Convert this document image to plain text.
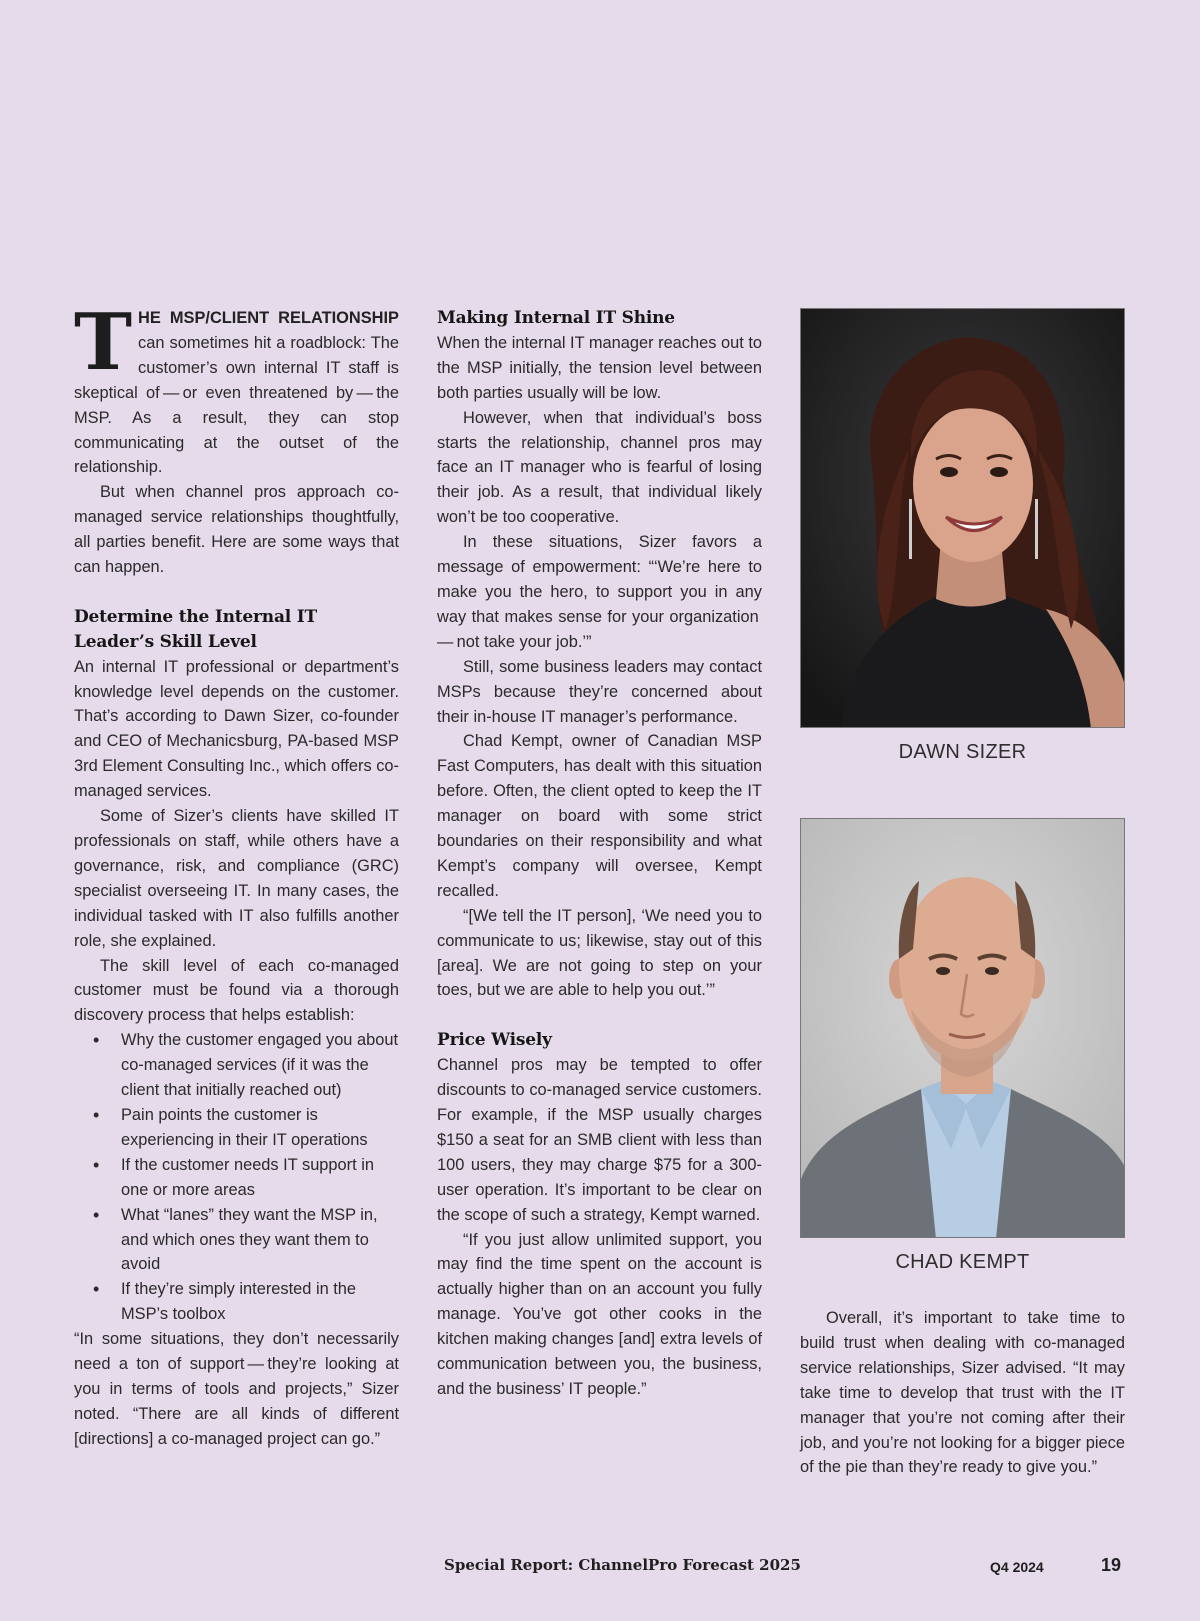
THE MSP/CLIENT RELATIONSHIP can sometimes hit a roadblock: The customer’s own internal IT staff is skeptical of — or even threatened by — the MSP. As a result, they can stop communicating at the outset of the relationship.

But when channel pros approach co-managed service relationships thoughtfully, all parties benefit. Here are some ways that can happen.

Determine the Internal IT Leader’s Skill Level

An internal IT professional or department’s knowledge level depends on the customer. That’s according to Dawn Sizer, co-founder and CEO of Mechanicsburg, PA-based MSP 3rd Element Consulting Inc., which offers co-managed services.

Some of Sizer’s clients have skilled IT professionals on staff, while others have a governance, risk, and compliance (GRC) specialist overseeing IT. In many cases, the individual tasked with IT also fulfills another role, she explained.

The skill level of each co-managed customer must be found via a thorough discovery process that helps establish:

• Why the customer engaged you about co-managed services (if it was the client that initially reached out)
• Pain points the customer is experiencing in their IT operations
• If the customer needs IT support in one or more areas
• What “lanes” they want the MSP in, and which ones they want them to avoid
• If they’re simply interested in the MSP’s toolbox

“In some situations, they don’t necessarily need a ton of support — they’re looking at you in terms of tools and projects,” Sizer noted. “There are all kinds of different [directions] a co-managed project can go.”

Making Internal IT Shine

When the internal IT manager reaches out to the MSP initially, the tension level between both parties usually will be low.

However, when that individual’s boss starts the relationship, channel pros may face an IT manager who is fearful of losing their job. As a result, that individual likely won’t be too cooperative.

In these situations, Sizer favors a message of empowerment: “‘We’re here to make you the hero, to support you in any way that makes sense for your organization — not take your job.’”

Still, some business leaders may contact MSPs because they’re concerned about their in-house IT manager’s performance.

Chad Kempt, owner of Canadian MSP Fast Computers, has dealt with this situation before. Often, the client opted to keep the IT manager on board with some strict boundaries on their responsibility and what Kempt’s company will oversee, Kempt recalled.

“[We tell the IT person], ‘We need you to communicate to us; likewise, stay out of this [area]. We are not going to step on your toes, but we are able to help you out.’”

Price Wisely

Channel pros may be tempted to offer discounts to co-managed service customers. For example, if the MSP usually charges $150 a seat for an SMB client with less than 100 users, they may charge $75 for a 300-user operation. It’s important to be clear on the scope of such a strategy, Kempt warned.

“If you just allow unlimited support, you may find the time spent on the account is actually higher than on an account you fully manage. You’ve got other cooks in the kitchen making changes [and] extra levels of communication between you, the business, and the business’ IT people.”

DAWN SIZER
CHAD KEMPT

Overall, it’s important to take time to build trust when dealing with co-managed service relationships, Sizer advised. “It may take time to develop that trust with the IT manager that you’re not coming after their job, and you’re not looking for a bigger piece of the pie than they’re ready to give you.”

Special Report: ChannelPro Forecast 2025	Q4 2024	19
